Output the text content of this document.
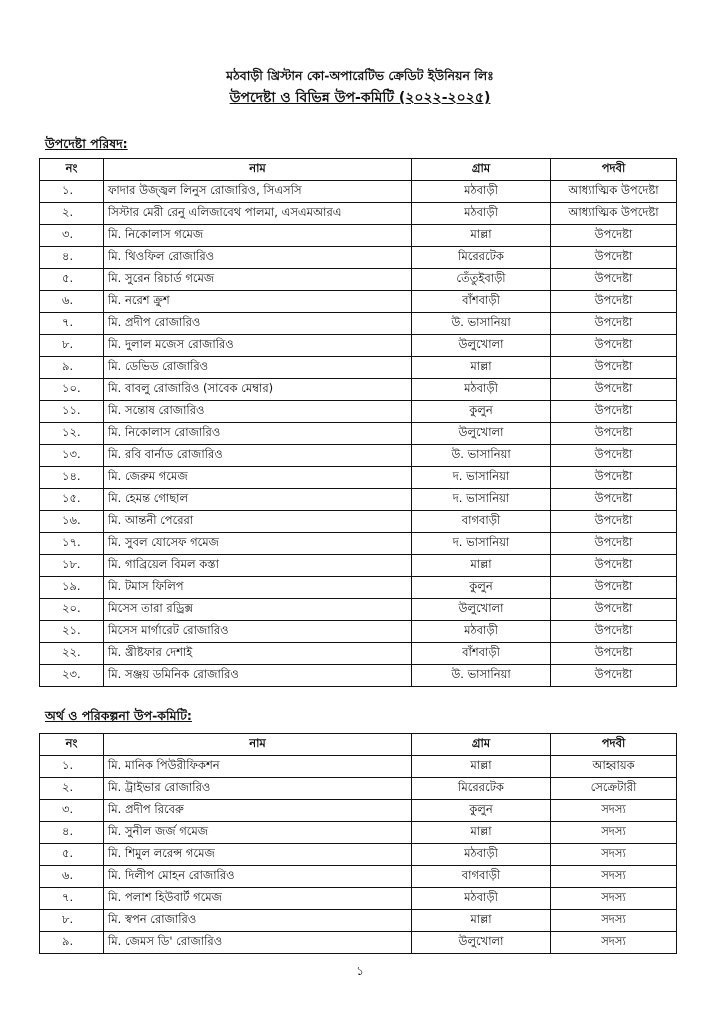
মঠবাড়ী খ্রিস্টান কো-অপারেটিভ ক্রেডিট ইউনিয়ন লিঃ
উপদেষ্টা ও বিভিন্ন উপ-কমিটি (২০২২-২০২৫)
উপদেষ্টা পরিষদ:
নং	নাম	গ্রাম	পদবী
১.	ফাদার উজ্জ্বল লিনুস রোজারিও, সিএসসি	মঠবাড়ী	আধ্যাত্মিক উপদেষ্টা
২.	সিস্টার মেরী রেনু এলিজাবেথ পালমা, এসএমআরএ	মঠবাড়ী	আধ্যাত্মিক উপদেষ্টা
৩.	মি. নিকোলাস গমেজ	মাল্লা	উপদেষ্টা
৪.	মি. থিওফিল রোজারিও	মিরেরটেক	উপদেষ্টা
৫.	মি. সুরেন রিচার্ড গমেজ	তেঁতুইবাড়ী	উপদেষ্টা
৬.	মি. নরেশ ক্রুশ	বাঁশবাড়ী	উপদেষ্টা
৭.	মি. প্রদীপ রোজারিও	উ. ভাসানিয়া	উপদেষ্টা
৮.	মি. দুলাল মজেস রোজারিও	উলুখোলা	উপদেষ্টা
৯.	মি. ডেভিড রোজারিও	মাল্লা	উপদেষ্টা
১০.	মি. বাবলু রোজারিও (সাবেক মেম্বার)	মঠবাড়ী	উপদেষ্টা
১১.	মি. সন্তোষ রোজারিও	কুলুন	উপদেষ্টা
১২.	মি. নিকোলাস রোজারিও	উলুখোলা	উপদেষ্টা
১৩.	মি. রবি বার্নাড রোজারিও	উ. ভাসানিয়া	উপদেষ্টা
১৪.	মি. জেরুম গমেজ	দ. ভাসানিয়া	উপদেষ্টা
১৫.	মি. হেমন্ত গোছাল	দ. ভাসানিয়া	উপদেষ্টা
১৬.	মি. আন্তনী পেরেরা	বাগবাড়ী	উপদেষ্টা
১৭.	মি. সুবল যোসেফ গমেজ	দ. ভাসানিয়া	উপদেষ্টা
১৮.	মি. গাব্রিয়েল বিমল কস্তা	মাল্লা	উপদেষ্টা
১৯.	মি. টমাস ফিলিপ	কুলুন	উপদেষ্টা
২০.	মিসেস তারা রড্রিক্স	উলুখোলা	উপদেষ্টা
২১.	মিসেস মার্গারেট রোজারিও	মঠবাড়ী	উপদেষ্টা
২২.	মি. খ্রীষ্টফার দেশাই	বাঁশবাড়ী	উপদেষ্টা
২৩.	মি. সঞ্জয় ডমিনিক রোজারিও	উ. ভাসানিয়া	উপদেষ্টা
অর্থ ও পরিকল্পনা উপ-কমিটি:
নং	নাম	গ্রাম	পদবী
১.	মি. মানিক পিউরীফিকশন	মাল্লা	আহ্বায়ক
২.	মি. ট্রাইভার রোজারিও	মিরেরটেক	সেক্রেটারী
৩.	মি. প্রদীপ রিবেরু	কুলুন	সদস্য
৪.	মি. সুনীল জর্জ গমেজ	মাল্লা	সদস্য
৫.	মি. শিমুল লরেন্স গমেজ	মঠবাড়ী	সদস্য
৬.	মি. দিলীপ মোহন রোজারিও	বাগবাড়ী	সদস্য
৭.	মি. পলাশ হিউবার্ট গমেজ	মঠবাড়ী	সদস্য
৮.	মি. স্বপন রোজারিও	মাল্লা	সদস্য
৯.	মি. জেমস ডি' রোজারিও	উলুখোলা	সদস্য
১
